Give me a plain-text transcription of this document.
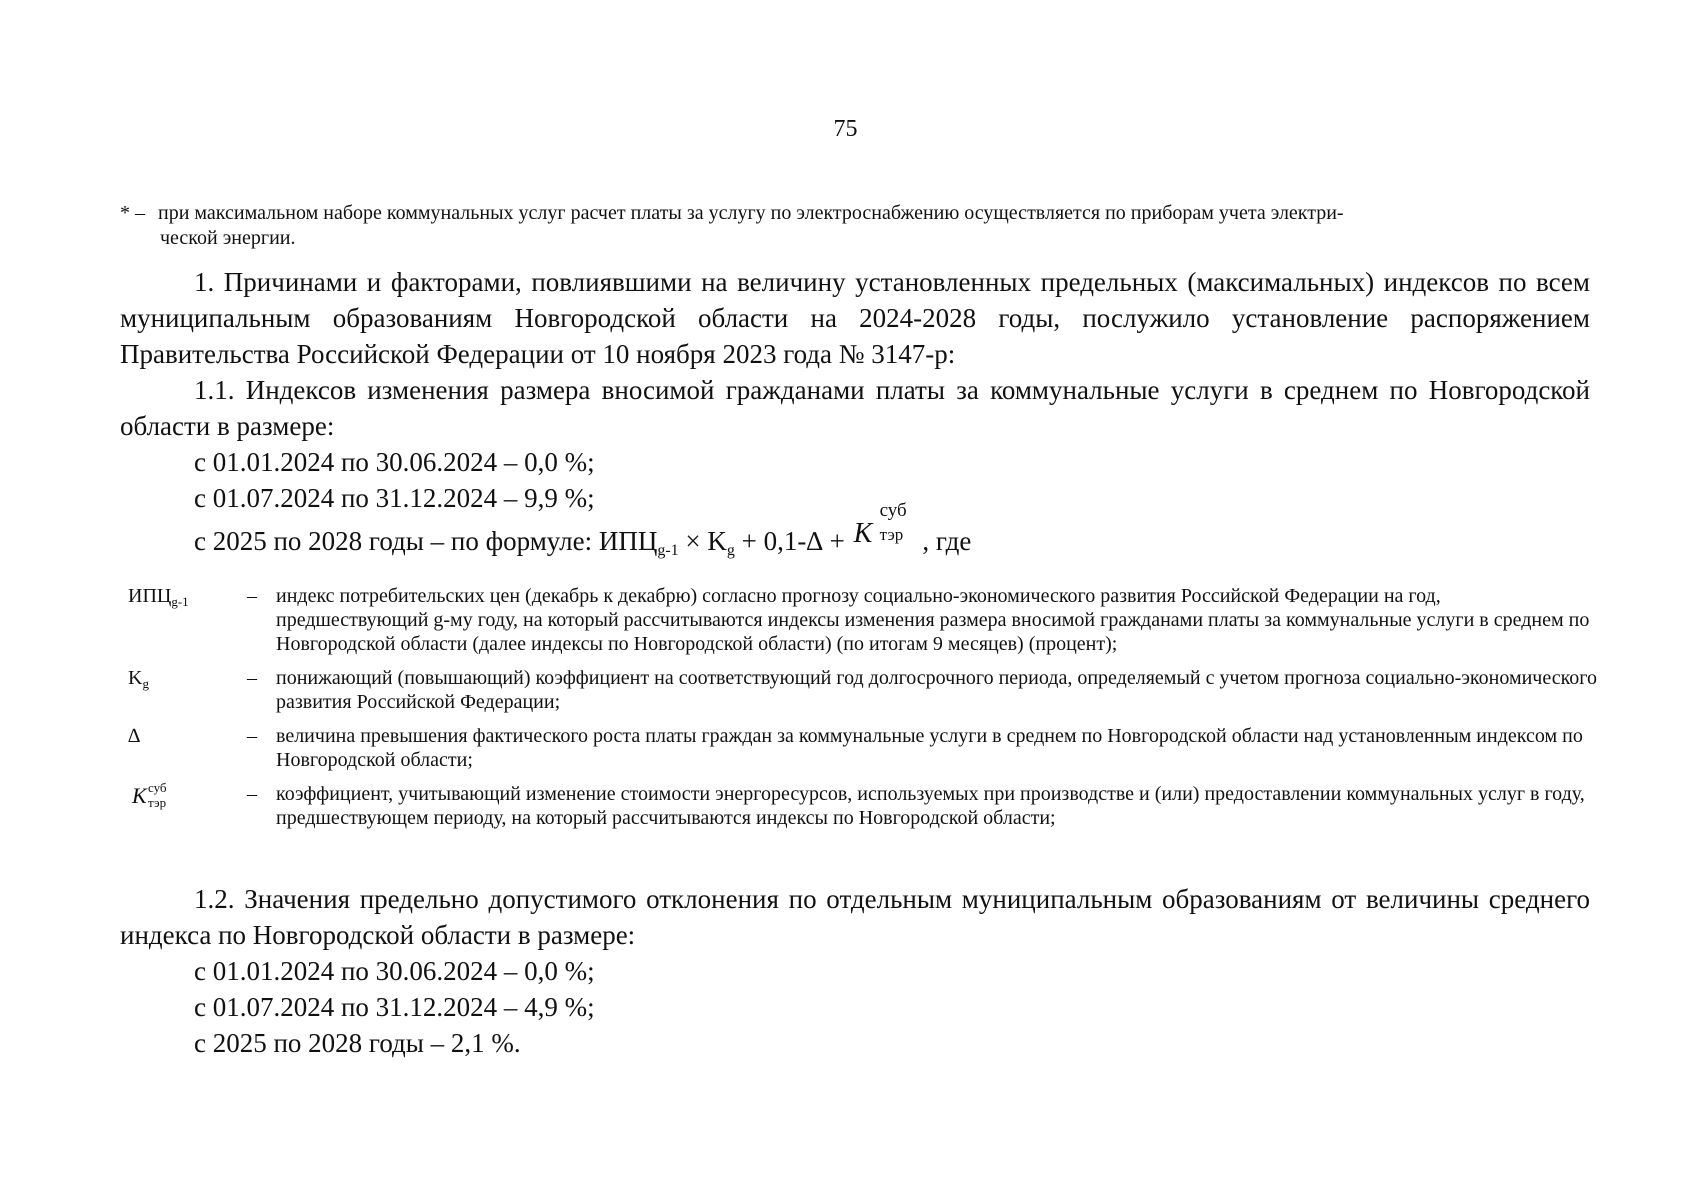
75
* – при максимальном наборе коммунальных услуг расчет платы за услугу по электроснабжению осуществляется по приборам учета электри-
ческой энергии.

1. Причинами и факторами, повлиявшими на величину установленных предельных (максимальных) индексов по всем муниципальным образованиям Новгородской области на 2024-2028 годы, послужило установление распоряжением Правительства Российской Федерации от 10 ноября 2023 года № 3147-р:

1.1. Индексов изменения размера вносимой гражданами платы за коммунальные услуги в среднем по Новгородской области в размере:

с 01.01.2024 по 30.06.2024 – 0,0 %;

с 01.07.2024 по 31.12.2024 – 9,9 %;

с 2025 по 2028 годы – по формуле: $ИПЦ_{g-1} \times K_g + 0,1-\Delta + K$
суб
тэр , где
$ИПЦ_{g-1}$	– индекс потребительских цен (декабрь к декабрю) согласно прогнозу социально-экономического развития Российской Федерации на год, предшествующий g-му году, на который рассчитываются индексы изменения размера вносимой гражданами платы за коммунальные услуги в среднем по Новгородской области (далее индексы по Новгородской области) (по итогам 9 месяцев) (процент);
$K_g$	– понижающий (повышающий) коэффициент на соответствующий год долгосрочного периода, определяемый с учетом прогноза социально-экономического развития Российской Федерации;
∆	– величина превышения фактического роста платы граждан за коммунальные услуги в среднем по Новгородской области над установленным индексом по Новгородской области;
K суб
тэр	– коэффициент, учитывающий изменение стоимости энергоресурсов, используемых при производстве и (или) предоставлении коммунальных услуг в году, предшествующем периоду, на который рассчитываются индексы по Новгородской области;

1.2. Значения предельно допустимого отклонения по отдельным муниципальным образованиям от величины среднего индекса по Новгородской области в размере:

с 01.01.2024 по 30.06.2024 – 0,0 %;

с 01.07.2024 по 31.12.2024 – 4,9 %;

с 2025 по 2028 годы – 2,1 %.
